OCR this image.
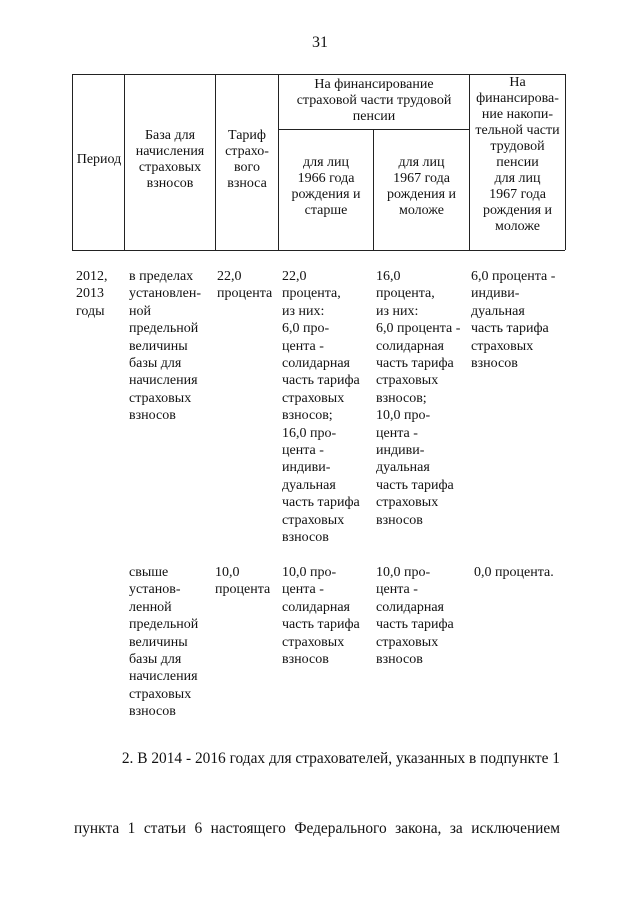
31
Период
База для
начисления
страховых
взносов
Тариф
страхо-
вого
взноса
На финансирование
страховой части трудовой
пенсии
для лиц
1966 года
рождения и
старше
для лиц
1967 года
рождения и
моложе
На
финансирова-
ние накопи-
тельной части
трудовой
пенсии
для лиц
1967 года
рождения и
моложе
2012,
2013
годы
в пределах
установлен-
ной
предельной
величины
базы для
начисления
страховых
взносов
22,0
процента
22,0
процента,
из них:
6,0 про-
цента -
солидарная
часть тарифа
страховых
взносов;
16,0 про-
цента -
индиви-
дуальная
часть тарифа
страховых
взносов
16,0
процента,
из них:
6,0 процента -
солидарная
часть тарифа
страховых
взносов;
10,0 про-
цента -
индиви-
дуальная
часть тарифа
страховых
взносов
6,0 процента -
индиви-
дуальная
часть тарифа
страховых
взносов
свыше
установ-
ленной
предельной
величины
базы для
начисления
страховых
взносов
10,0
процента
10,0 про-
цента -
солидарная
часть тарифа
страховых
взносов
10,0 про-
цента -
солидарная
часть тарифа
страховых
взносов
0,0 процента.
2. В 2014 - 2016 годах для страхователей, указанных в подпункте 1
пункта 1 статьи 6 настоящего Федерального закона, за исключением
